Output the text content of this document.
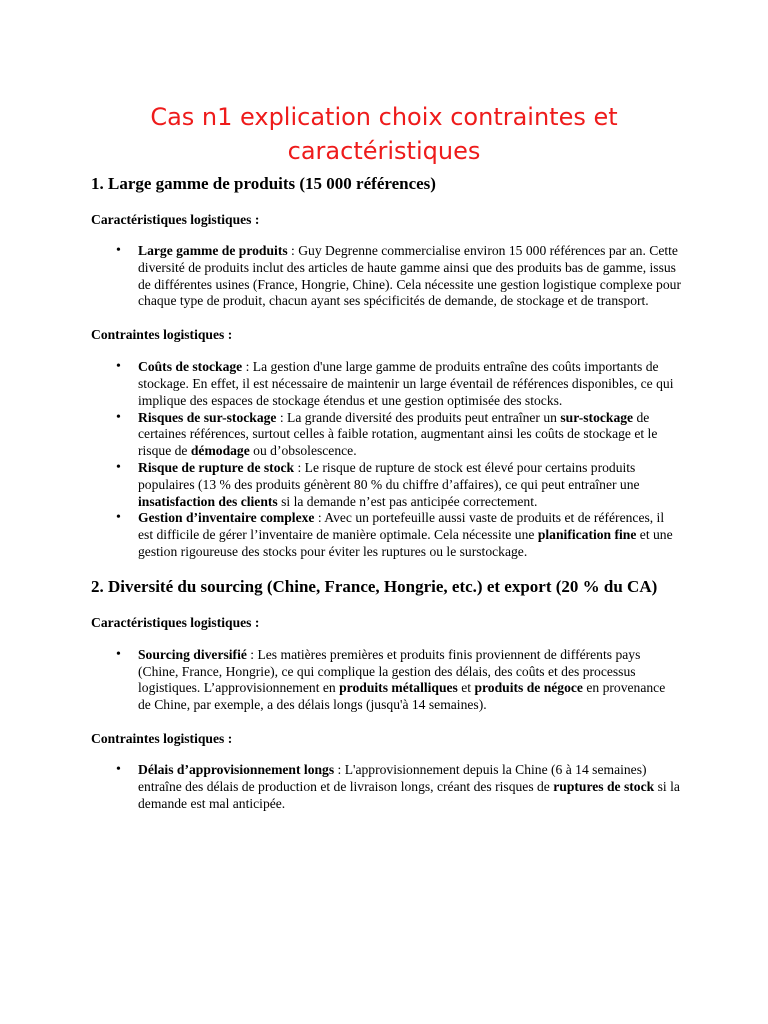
Cas n1 explication choix contraintes et
caractéristiques
1. Large gamme de produits (15 000 références)

Caractéristiques logistiques :

• Large gamme de produits : Guy Degrenne commercialise environ 15 000 références par an. Cette diversité de produits inclut des articles de haute gamme ainsi que des produits bas de gamme, issus de différentes usines (France, Hongrie, Chine). Cela nécessite une gestion logistique complexe pour chaque type de produit, chacun ayant ses spécificités de demande, de stockage et de transport.

Contraintes logistiques :

• Coûts de stockage : La gestion d'une large gamme de produits entraîne des coûts importants de stockage. En effet, il est nécessaire de maintenir un large éventail de références disponibles, ce qui implique des espaces de stockage étendus et une gestion optimisée des stocks.
• Risques de sur-stockage : La grande diversité des produits peut entraîner un sur-stockage de certaines références, surtout celles à faible rotation, augmentant ainsi les coûts de stockage et le risque de démodage ou d’obsolescence.
• Risque de rupture de stock : Le risque de rupture de stock est élevé pour certains produits populaires (13 % des produits génèrent 80 % du chiffre d’affaires), ce qui peut entraîner une insatisfaction des clients si la demande n’est pas anticipée correctement.
• Gestion d’inventaire complexe : Avec un portefeuille aussi vaste de produits et de références, il est difficile de gérer l’inventaire de manière optimale. Cela nécessite une planification fine et une gestion rigoureuse des stocks pour éviter les ruptures ou le surstockage.
2. Diversité du sourcing (Chine, France, Hongrie, etc.) et export (20 % du CA)

Caractéristiques logistiques :

• Sourcing diversifié : Les matières premières et produits finis proviennent de différents pays (Chine, France, Hongrie), ce qui complique la gestion des délais, des coûts et des processus logistiques. L’approvisionnement en produits métalliques et produits de négoce en provenance de Chine, par exemple, a des délais longs (jusqu'à 14 semaines).

Contraintes logistiques :

• Délais d’approvisionnement longs : L'approvisionnement depuis la Chine (6 à 14 semaines) entraîne des délais de production et de livraison longs, créant des risques de ruptures de stock si la demande est mal anticipée.
